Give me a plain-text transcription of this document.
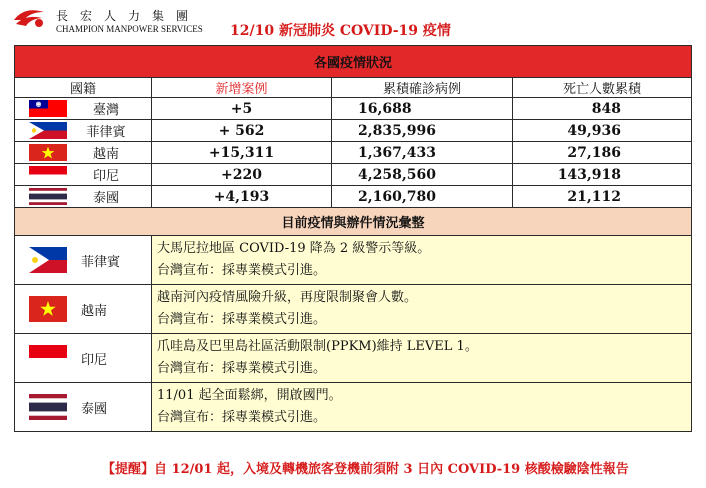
長宏人力集團
CHAMPION MANPOWER SERVICES 12/10 新冠肺炎 COVID-19 疫情
各國疫情狀況			
國籍	新增案例	累積確診病例	死亡人數累積

臺灣	+5	16,688	848

菲律賓	+ 562	2,835,996	49,936

越南	+15,311	1,367,433	27,186

印尼	+220	4,258,560	143,918

泰國	+4,193	2,160,780	21,112
目前疫情與辦件情況彙整			

菲律賓	大馬尼拉地區 COVID-19 降為 2 級警示等級。
台灣宣布：採專業模式引進。		

越南	越南河內疫情風險升級，再度限制聚會人數。
台灣宣布：採專業模式引進。		

印尼	爪哇島及巴里島社區活動限制(PPKM)維持 LEVEL 1。
台灣宣布：採專業模式引進。		

泰國	11/01 起全面鬆綁，開啟國門。
台灣宣布：採專業模式引進。		
【提醒】自 12/01 起，入境及轉機旅客登機前須附 3 日內 COVID-19 核酸檢驗陰性報告
